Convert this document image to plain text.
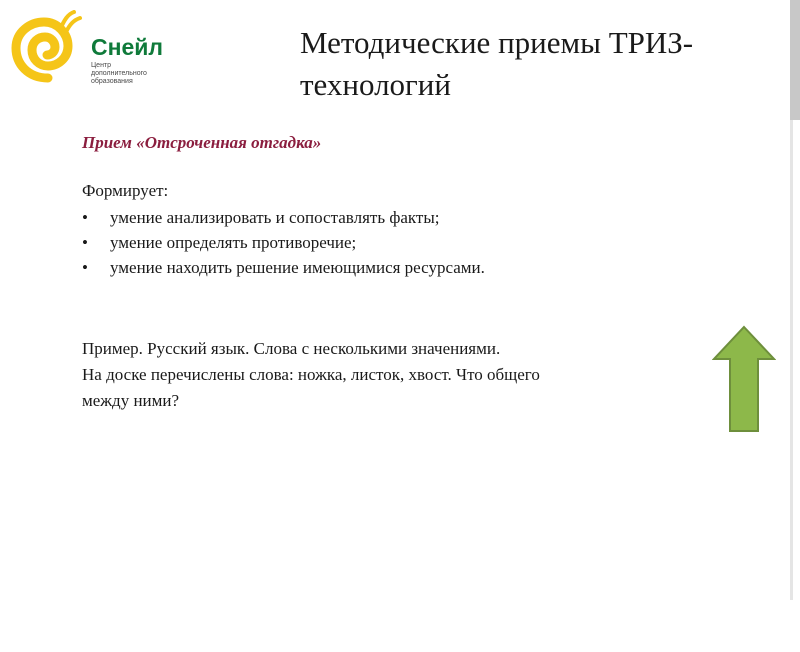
14
Снейл
Центр дополнительного образования
Методические приемы ТРИЗ-технологий
Прием «Отсроченная отгадка»
Формирует:
• умение анализировать и сопоставлять факты;
• умение определять противоречие;
• умение находить решение имеющимися ресурсами.
Пример. Русский язык. Слова с несколькими значениями.
На доске перечислены слова: ножка, листок, хвост. Что общего
между ними?
